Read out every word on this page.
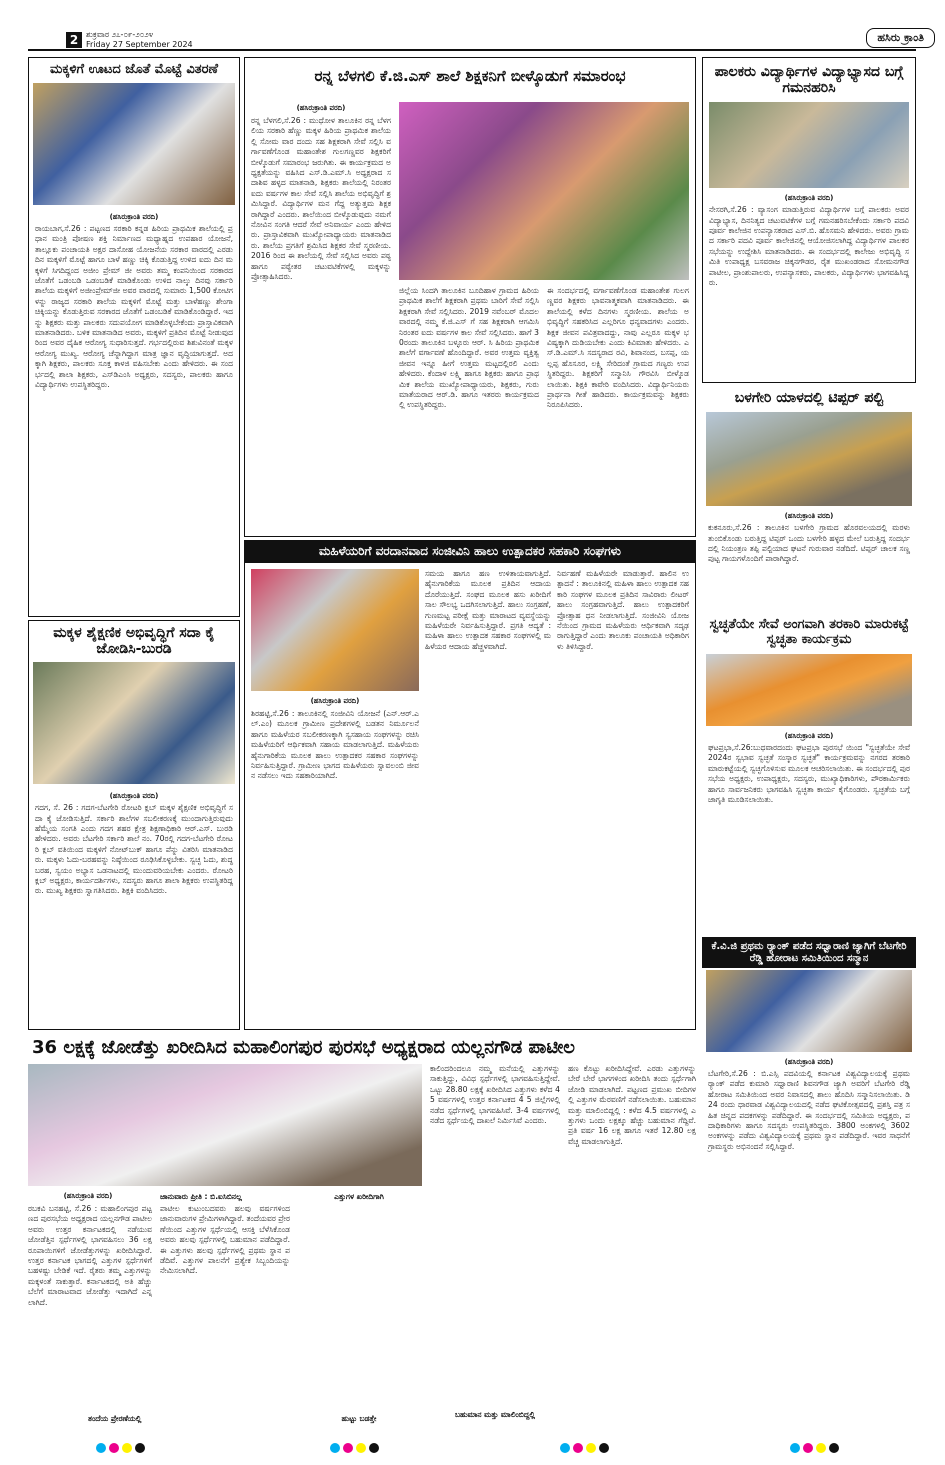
2 ಶುಕ್ರವಾರ ೨೭-೦೯-೨೦೨೪
Friday 27 September 2024
ಹಸಿರು ಕ್ರಾಂತಿ
ಮಕ್ಕಳಿಗೆ ಊಟದ ಜೊತೆ ಮೊಟ್ಟೆ ವಿತರಣೆ
(ಹಸಿರುಕ್ರಾಂತಿ ವರದಿ)
ರಾಯಬಾಗ,ಸೆ.26 : ಪಟ್ಟಣದ ಸರಕಾರಿ ಕನ್ನಡ ಹಿರಿಯ ಪ್ರಾಥಮಿಕ ಶಾಲೆಯಲ್ಲಿ ಪ್ರಧಾನ ಮಂತ್ರಿ ಪೋಷಣ ಶಕ್ತಿ ನಿರ್ಮಾಣದ ಮಧ್ಯಾಹ್ನದ ಉಪಹಾರ ಯೋಜನೆ, ತಾಲ್ಲೂಕು ಪಂಚಾಯತಿ ಅಕ್ಷರ ದಾಸೋಹ ಯೋಜನೆಯ ಸರಕಾರ ವಾರದಲ್ಲಿ ಎರಡು ದಿನ ಮಕ್ಕಳಿಗೆ ಮೊಟ್ಟೆ ಹಾಗೂ ಬಾಳೆ ಹಣ್ಣು ಚಿಕ್ಕಿ ಕೊಡುತ್ತಿದ್ದ ಉಳಿದ ಐದು ದಿನ ಮಕ್ಕಳಿಗೆ ಸಿಗದಿದ್ದಂದ ಅಜೀಂ ಪ್ರೇಮ್ ಜೀ ಅವರು ತಮ್ಮ ಕಂಪನಿಯಿಂದ ಸರಕಾರದ ಜೊತೆಗೆ ಒಡಂಬಡಿ ಒಡಂಬಡಿಕೆ ಮಾಡಿಕೊಂಡು ಉಳಿದ ನಾಲ್ಕು ದಿನವು ಸರ್ಕಾರಿ ಶಾಲೆಯ ಮಕ್ಕಳಿಗೆ ಅಜೀಂಪ್ರೇಮ್‌ಜೀ ಅವರ ವಾರದಲ್ಲಿ ಸುಮಾರು 1,500 ಕೋಟಿಗಳನ್ನು ರಾಜ್ಯದ ಸರಕಾರಿ ಶಾಲೆಯ ಮಕ್ಕಳಿಗೆ ಮೊಟ್ಟೆ ಮತ್ತು ಬಾಳೆಹಣ್ಣು ಶೇಂಗಾ ಚಿಕ್ಕಿಯನ್ನು ಕೊಡುತ್ತಿರುವ ಸರಕಾರದ ಜೊತೆಗೆ ಒಡಂಬಡಿಕೆ ಮಾಡಿಕೊಂಡಿದ್ದಾರೆ. ಇದನ್ನು ಶಿಕ್ಷಕರು ಮತ್ತು ಪಾಲಕರು ಸದುಪಯೋಗ ಮಾಡಿಕೊಳ್ಳಬೇಕೆಂದು ಪ್ರಾಸ್ತಾವಿಕವಾಗಿ ಮಾತನಾಡಿದರು. ಬಳಿಕ ಮಾತನಾಡಿದ ಅವರು, ಮಕ್ಕಳಿಗೆ ಪ್ರತಿದಿನ ಮೊಟ್ಟೆ ನೀಡುವುದರಿಂದ ಅವರ ದೈಹಿಕ ಆರೋಗ್ಯ ಸುಧಾರಿಸುತ್ತದೆ. ಗರ್ಭದಲ್ಲಿರುವ ಶಿಶುವಿನಂತೆ ಮಕ್ಕಳ ಆರೋಗ್ಯ ಮುಖ್ಯ. ಆರೋಗ್ಯ ಚೆನ್ನಾಗಿದ್ದಾಗ ಮಾತ್ರ ಜ್ಞಾನ ವೃದ್ಧಿಯಾಗುತ್ತದೆ. ಅದಕ್ಕಾಗಿ ಶಿಕ್ಷಕರು, ಪಾಲಕರು ಸೂಕ್ತ ಕಾಳಜಿ ವಹಿಸಬೇಕು ಎಂದು ಹೇಳಿದರು. ಈ ಸಂದರ್ಭದಲ್ಲಿ ಶಾಲಾ ಶಿಕ್ಷಕರು, ಎಸ್‌ಡಿಎಂಸಿ ಅಧ್ಯಕ್ಷರು, ಸದಸ್ಯರು, ಪಾಲಕರು ಹಾಗೂ ವಿದ್ಯಾರ್ಥಿಗಳು ಉಪಸ್ಥಿತರಿದ್ದರು.
ಮಕ್ಕಳ ಶೈಕ್ಷಣಿಕ ಅಭಿವೃದ್ಧಿಗೆ ಸದಾ ಕೈ ಜೋಡಿಸಿ-ಬುರಡಿ
(ಹಸಿರುಕ್ರಾಂತಿ ವರದಿ)
ಗದಗ, ಸೆ. 26 : ಗದಗ-ಬೆಟಗೇರಿ ರೋಟರಿ ಕ್ಲಬ್ ಮಕ್ಕಳ ಶೈಕ್ಷಣಿಕ ಅಭಿವೃದ್ಧಿಗೆ ಸದಾ ಕೈ ಜೋಡಿಸುತ್ತಿದೆ. ಸರ್ಕಾರಿ ಶಾಲೆಗಳ ಸಬಲೀಕರಣಕ್ಕೆ ಮುಂದಾಗುತ್ತಿರುವುದು ಹೆಮ್ಮೆಯ ಸಂಗತಿ ಎಂದು ಗದಗ ಶಹರ ಕ್ಷೇತ್ರ ಶಿಕ್ಷಣಾಧಿಕಾರಿ ಆರ್.ಎಸ್. ಬುರಡಿ ಹೇಳಿದರು. ಅವರು ಬೆಟಗೇರಿ ಸರ್ಕಾರಿ ಶಾಲೆ ನಂ. 70ರಲ್ಲಿ ಗದಗ-ಬೆಟಗೇರಿ ರೋಟರಿ ಕ್ಲಬ್ ವತಿಯಿಂದ ಮಕ್ಕಳಿಗೆ ನೋಟ್‌ಬುಕ್ ಹಾಗೂ ಪೆನ್ನು ವಿತರಿಸಿ ಮಾತನಾಡಿದರು. ಮಕ್ಕಳು ಓದು-ಬರಹವನ್ನು ನಿಷ್ಠೆಯಿಂದ ರೂಢಿಸಿಕೊಳ್ಳಬೇಕು. ಸ್ವಚ್ಛ ಓದು, ಶುದ್ಧ ಬರಹ, ಸ್ವಯಂ ಅಭ್ಯಾಸ ಒಡನಾಟದಲ್ಲಿ ಮುಂದುವರಿಯಬೇಕು ಎಂದರು. ರೋಟರಿ ಕ್ಲಬ್ ಅಧ್ಯಕ್ಷರು, ಕಾರ್ಯದರ್ಶಿಗಳು, ಸದಸ್ಯರು ಹಾಗೂ ಶಾಲಾ ಶಿಕ್ಷಕರು ಉಪಸ್ಥಿತರಿದ್ದರು. ಮುಖ್ಯ ಶಿಕ್ಷಕರು ಸ್ವಾಗತಿಸಿದರು. ಶಿಕ್ಷಕಿ ವಂದಿಸಿದರು.
ರನ್ನ ಬೆಳಗಲಿ ಕೆ.ಜಿ.ಎಸ್ ಶಾಲೆ ಶಿಕ್ಷಕನಿಗೆ ಬೀಳ್ಕೊಡುಗೆ ಸಮಾರಂಭ
(ಹಸಿರುಕ್ರಾಂತಿ ವರದಿ)
ರನ್ನ ಬೆಳಗಲಿ,ಸೆ.26 : ಮುಧೋಳ ತಾಲೂಕಿನ ರನ್ನ ಬೆಳಗಲಿಯ ಸರಕಾರಿ ಹೆಣ್ಣು ಮಕ್ಕಳ ಹಿರಿಯ ಪ್ರಾಥಮಿಕ ಶಾಲೆಯಲ್ಲಿ ಸೋಮ ವಾರ ದಂದು ಸಹ ಶಿಕ್ಷಕರಾಗಿ ಸೇವೆ ಸಲ್ಲಿಸಿ ವರ್ಗಾವಣೆಗೊಂಡ ಮಹಾಂತೇಶ ಗುಲಗಣ್ಣವರ ಶಿಕ್ಷಕರಿಗೆ ಬೀಳ್ಕೊಡುಗೆ ಸಮಾರಂಭ ಜರುಗಿತು. ಈ ಕಾರ್ಯಕ್ರಮದ ಅಧ್ಯಕ್ಷತೆಯನ್ನು ವಹಿಸಿದ ಎಸ್.ಡಿ.ಎಮ್.ಸಿ ಅಧ್ಯಕ್ಷರಾದ ಸದಾಶಿವ ಹಳ್ಳದ ಮಾತನಾಡಿ, ಶಿಕ್ಷಕರು ಶಾಲೆಯಲ್ಲಿ ನಿರಂತರ ಐದು ವರ್ಷಗಳ ಕಾಲ ಸೇವೆ ಸಲ್ಲಿಸಿ ಶಾಲೆಯ ಅಭಿವೃದ್ಧಿಗೆ ಶ್ರಮಿಸಿದ್ದಾರೆ. ವಿದ್ಯಾರ್ಥಿಗಳ ಮನ ಗೆದ್ದ ಅತ್ಯುತ್ತಮ ಶಿಕ್ಷಕರಾಗಿದ್ದಾರೆ ಎಂದರು. ಶಾಲೆಯಿಂದ ಬೀಳ್ಕೊಡುವುದು ನಮಗೆ ನೋವಿನ ಸಂಗತಿ ಆದರೆ ಸೇವೆ ಅನಿವಾರ್ಯ ಎಂದು ಹೇಳಿದರು. ಪ್ರಾಸ್ತಾವಿಕವಾಗಿ ಮುಖ್ಯೋಪಾಧ್ಯಾಯರು ಮಾತನಾಡಿದರು. ಶಾಲೆಯ ಪ್ರಗತಿಗೆ ಶ್ರಮಿಸಿದ ಶಿಕ್ಷಕರ ಸೇವೆ ಸ್ಮರಣೀಯ. 2016 ರಿಂದ ಈ ಶಾಲೆಯಲ್ಲಿ ಸೇವೆ ಸಲ್ಲಿಸಿದ ಅವರು ಪಠ್ಯ ಹಾಗೂ ಪಠ್ಯೇತರ ಚಟುವಟಿಕೆಗಳಲ್ಲಿ ಮಕ್ಕಳನ್ನು ಪ್ರೋತ್ಸಾಹಿಸಿದರು.
ಜಿಲ್ಲೆಯ ಸಿಂದಗಿ ತಾಲೂಕಿನ ಬೂದಿಹಾಳ ಗ್ರಾಮದ ಹಿರಿಯ ಪ್ರಾಥಮಿಕ ಶಾಲೆಗೆ ಶಿಕ್ಷಕರಾಗಿ ಪ್ರಥಮ ಬಾರಿಗೆ ಸೇವೆ ಸಲ್ಲಿಸಿ ಶಿಕ್ಷಕರಾಗಿ ಸೇವೆ ಸಲ್ಲಿಸಿದರು. 2019 ನವೆಂಬರ್ ಮೊದಲ ವಾರದಲ್ಲಿ ನಮ್ಮ ಕೆ.ಜಿ.ಎಸ್ ಗೆ ಸಹ ಶಿಕ್ಷಕರಾಗಿ ಆಗಮಿಸಿ ನಿರಂತರ ಐದು ವರ್ಷಗಳ ಕಾಲ ಸೇವೆ ಸಲ್ಲಿಸಿದರು. ಹಾಗೆ 30ರಂದು ತಾಲೂಕಿನ ಬಳ್ಳೂರು ಆರ್. ಸಿ ಹಿರಿಯ ಪ್ರಾಥಮಿಕ ಶಾಲೆಗೆ ವರ್ಗಾವಣೆ ಹೊಂದಿದ್ದಾರೆ. ಅವರ ಉತ್ತಮ ವ್ಯಕ್ತಿತ್ವ ಜೀವನ ಇನ್ನೂ ಹೀಗೆ ಉತ್ತಮ ಮಟ್ಟದಲ್ಲಿರಲಿ ಎಂದು ಹೇಳಿದರು. ಕೆಂದಾಳ ಲಕ್ಷ್ಮಿ ಹಾಗೂ ಶಿಕ್ಷಕರು ಹಾಗೂ ಪ್ರಾಥಮಿಕ ಶಾಲೆಯ ಮುಖ್ಯೋಪಾಧ್ಯಾಯರು, ಶಿಕ್ಷಕರು, ಗುರು ಮಾತೆಯರಾದ ಆರ್.ಡಿ. ಹಾಗೂ ಇತರರು ಕಾರ್ಯಕ್ರಮದಲ್ಲಿ ಉಪಸ್ಥಿತರಿದ್ದರು.
ಈ ಸಂದರ್ಭದಲ್ಲಿ ವರ್ಗಾವಣೆಗೊಂಡ ಮಹಾಂತೇಶ ಗುಲಗಣ್ಣವರ ಶಿಕ್ಷಕರು ಭಾವನಾತ್ಮಕವಾಗಿ ಮಾತನಾಡಿದರು. ಈ ಶಾಲೆಯಲ್ಲಿ ಕಳೆದ ದಿನಗಳು ಸ್ಮರಣೀಯ. ಶಾಲೆಯ ಅಭಿವೃದ್ಧಿಗೆ ಸಹಕರಿಸಿದ ಎಲ್ಲರಿಗೂ ಧನ್ಯವಾದಗಳು ಎಂದರು. ಶಿಕ್ಷಕ ಜೀವನ ಪವಿತ್ರವಾದದ್ದು, ನಾವು ಎಲ್ಲರೂ ಮಕ್ಕಳ ಭವಿಷ್ಯಕ್ಕಾಗಿ ದುಡಿಯಬೇಕು ಎಂದು ಕಿವಿಮಾತು ಹೇಳಿದರು. ಎಸ್.ಡಿ.ಎಮ್.ಸಿ ಸದಸ್ಯರಾದ ರವಿ, ಶಿವಾನಂದ, ಬಸಪ್ಪ, ಯಲ್ಲಪ್ಪ ಹೊಸೂರ, ಲಕ್ಷ್ಮಿ ಸೇರಿದಂತೆ ಗ್ರಾಮದ ಗಣ್ಯರು ಉಪಸ್ಥಿತರಿದ್ದರು. ಶಿಕ್ಷಕರಿಗೆ ಸನ್ಮಾನಿಸಿ ಗೌರವಿಸಿ ಬೀಳ್ಕೊಡಲಾಯಿತು. ಶಿಕ್ಷಕಿ ಕಾವೇರಿ ವಂದಿಸಿದರು. ವಿದ್ಯಾರ್ಥಿನಿಯರು ಪ್ರಾರ್ಥನಾ ಗೀತೆ ಹಾಡಿದರು. ಕಾರ್ಯಕ್ರಮವನ್ನು ಶಿಕ್ಷಕರು ನಿರೂಪಿಸಿದರು.
ಮಹಿಳೆಯರಿಗೆ ವರದಾನವಾದ ಸಂಜೀವಿನಿ ಹಾಲು ಉತ್ಪಾದಕರ ಸಹಕಾರಿ ಸಂಘಗಳು
(ಹಸಿರುಕ್ರಾಂತಿ ವರದಿ)
ಶಿರಹಟ್ಟಿ,ಸೆ.26 : ತಾಲೂಕಿನಲ್ಲಿ ಸಂಜೀವಿನಿ ಯೋಜನೆ (ಎನ್.ಆರ್.ಎಲ್.ಎಂ) ಮೂಲಕ ಗ್ರಾಮೀಣ ಪ್ರದೇಶಗಳಲ್ಲಿ ಬಡತನ ನಿರ್ಮೂಲನೆ ಹಾಗೂ ಮಹಿಳೆಯರ ಸಬಲೀಕರಣಕ್ಕಾಗಿ ಸ್ವಸಹಾಯ ಸಂಘಗಳನ್ನು ರಚಿಸಿ ಮಹಿಳೆಯರಿಗೆ ಆರ್ಥಿಕವಾಗಿ ಸಹಾಯ ಮಾಡಲಾಗುತ್ತಿದೆ. ಮಹಿಳೆಯರು ಹೈನುಗಾರಿಕೆಯ ಮೂಲಕ ಹಾಲು ಉತ್ಪಾದಕರ ಸಹಕಾರ ಸಂಘಗಳನ್ನು ನಿರ್ವಹಿಸುತ್ತಿದ್ದಾರೆ. ಗ್ರಾಮೀಣ ಭಾಗದ ಮಹಿಳೆಯರು ಸ್ವಾವಲಂಬಿ ಜೀವನ ನಡೆಸಲು ಇದು ಸಹಕಾರಿಯಾಗಿದೆ.
ಸಮಯ ಹಾಗೂ ಹಣ ಉಳಿತಾಯವಾಗುತ್ತಿದೆ. ಹೈನುಗಾರಿಕೆಯ ಮೂಲಕ ಪ್ರತಿದಿನ ಆದಾಯ ದೊರೆಯುತ್ತಿದೆ. ಸಂಘದ ಮೂಲಕ ಹಸು ಖರೀದಿಗೆ ಸಾಲ ಸೌಲಭ್ಯ ಒದಗಿಸಲಾಗುತ್ತಿದೆ. ಹಾಲು ಸಂಗ್ರಹಣೆ, ಗುಣಮಟ್ಟ ಪರೀಕ್ಷೆ ಮತ್ತು ಮಾರಾಟದ ವ್ಯವಸ್ಥೆಯನ್ನು ಮಹಿಳೆಯರೇ ನಿರ್ವಹಿಸುತ್ತಿದ್ದಾರೆ. ಪ್ರಗತಿ ಆದ್ಯತೆ : ಮಹಿಳಾ ಹಾಲು ಉತ್ಪಾದಕ ಸಹಕಾರ ಸಂಘಗಳಲ್ಲಿ ಮಹಿಳೆಯರ ಆದಾಯ ಹೆಚ್ಚಳವಾಗಿದೆ.
ನಿರ್ವಹಣೆ ಮಹಿಳೆಯರೇ ಮಾಡುತ್ತಾರೆ. ಹಾಲಿನ ಉತ್ಪಾದನೆ : ತಾಲೂಕಿನಲ್ಲಿ ಮಹಿಳಾ ಹಾಲು ಉತ್ಪಾದಕ ಸಹಕಾರಿ ಸಂಘಗಳ ಮೂಲಕ ಪ್ರತಿದಿನ ಸಾವಿರಾರು ಲೀಟರ್ ಹಾಲು ಸಂಗ್ರಹವಾಗುತ್ತಿದೆ. ಹಾಲು ಉತ್ಪಾದಕರಿಗೆ ಪ್ರೋತ್ಸಾಹ ಧನ ನೀಡಲಾಗುತ್ತಿದೆ. ಸಂಜೀವಿನಿ ಯೋಜನೆಯಿಂದ ಗ್ರಾಮದ ಮಹಿಳೆಯರು ಆರ್ಥಿಕವಾಗಿ ಸದೃಢರಾಗುತ್ತಿದ್ದಾರೆ ಎಂದು ತಾಲೂಕು ಪಂಚಾಯತಿ ಅಧಿಕಾರಿಗಳು ತಿಳಿಸಿದ್ದಾರೆ.
ಪಾಲಕರು ವಿದ್ಯಾರ್ಥಿಗಳ ವಿದ್ಯಾಭ್ಯಾಸದ ಬಗ್ಗೆ ಗಮನಹರಿಸಿ
(ಹಸಿರುಕ್ರಾಂತಿ ವರದಿ)
ನೇಸರಗಿ,ಸೆ.26 : ವ್ಯಾಸಂಗ ಮಾಡುತ್ತಿರುವ ವಿದ್ಯಾರ್ಥಿಗಳ ಬಗ್ಗೆ ಪಾಲಕರು ಅವರ ವಿದ್ಯಾಭ್ಯಾಸ, ದಿನನಿತ್ಯದ ಚಟುವಟಿಕೆಗಳ ಬಗ್ಗೆ ಗಮನಹರಿಸಬೇಕೆಂದು ಸರ್ಕಾರಿ ಪದವಿ ಪೂರ್ವ ಕಾಲೇಜಿನ ಉಪನ್ಯಾಸಕರಾದ ಎಸ್.ಬಿ. ಹೊಸಮನಿ ಹೇಳಿದರು. ಅವರು ಗ್ರಾಮದ ಸರ್ಕಾರಿ ಪದವಿ ಪೂರ್ವ ಕಾಲೇಜಿನಲ್ಲಿ ಆಯೋಜಿಸಲಾಗಿದ್ದ ವಿದ್ಯಾರ್ಥಿಗಳ ಪಾಲಕರ ಸಭೆಯನ್ನು ಉದ್ದೇಶಿಸಿ ಮಾತನಾಡಿದರು. ಈ ಸಂದರ್ಭದಲ್ಲಿ ಕಾಲೇಜು ಅಭಿವೃದ್ಧಿ ಸಮಿತಿ ಉಪಾಧ್ಯಕ್ಷ ಬಸವರಾಜ ಚಿಕ್ಕನಗೌಡರ, ರೈತ ಮುಖಂಡರಾದ ಸೋಮನಗೌಡ ಪಾಟೀಲ, ಪ್ರಾಂಶುಪಾಲರು, ಉಪನ್ಯಾಸಕರು, ಪಾಲಕರು, ವಿದ್ಯಾರ್ಥಿಗಳು ಭಾಗವಹಿಸಿದ್ದರು.
ಬಳಗೇರಿ ಯಾಳದಲ್ಲಿ ಟಿಪ್ಪರ್ ಪಲ್ಟಿ
(ಹಸಿರುಕ್ರಾಂತಿ ವರದಿ)
ಕುಕನೂರು,ಸೆ.26 : ತಾಲೂಕಿನ ಬಳಗೇರಿ ಗ್ರಾಮದ ಹೊರವಲಯದಲ್ಲಿ ಮರಳು ತುಂಬಿಕೊಂಡು ಬರುತ್ತಿದ್ದ ಟಿಪ್ಪರ್ ಒಂದು ಬಳಗೇರಿ ಹಳ್ಳದ ಮೇಲೆ ಬರುತ್ತಿದ್ದ ಸಂದರ್ಭದಲ್ಲಿ ನಿಯಂತ್ರಣ ತಪ್ಪಿ ಪಲ್ಟಿಯಾದ ಘಟನೆ ಗುರುವಾರ ನಡೆದಿದೆ. ಟಿಪ್ಪರ್ ಚಾಲಕ ಸಣ್ಣಪುಟ್ಟ ಗಾಯಗಳೊಂದಿಗೆ ಪಾರಾಗಿದ್ದಾರೆ.
ಸ್ವಚ್ಛತೆಯೇ ಸೇವೆ ಅಂಗವಾಗಿ ತರಕಾರಿ ಮಾರುಕಟ್ಟೆ ಸ್ವಚ್ಛತಾ ಕಾರ್ಯಕ್ರಮ
(ಹಸಿರುಕ್ರಾಂತಿ ವರದಿ)
ಘಟಪ್ರಭಾ,ಸೆ.26:ಬುಧವಾರದಂದು ಘಟಪ್ರಭಾ ಪುರಸಭೆ ಯಿಂದ "ಸ್ವಚ್ಛತೆಯೇ ಸೇವೆ 2024ರ ಸ್ವಭಾವ ಸ್ವಚ್ಛತೆ ಸಂಸ್ಕಾರ ಸ್ವಚ್ಛತೆ" ಕಾರ್ಯಕ್ರಮವನ್ನು ನಗರದ ತರಕಾರಿ ಮಾರುಕಟ್ಟೆಯಲ್ಲಿ ಸ್ವಚ್ಛಗೊಳಿಸುವ ಮೂಲಕ ಆಚರಿಸಲಾಯಿತು. ಈ ಸಂದರ್ಭದಲ್ಲಿ ಪುರಸಭೆಯ ಅಧ್ಯಕ್ಷರು, ಉಪಾಧ್ಯಕ್ಷರು, ಸದಸ್ಯರು, ಮುಖ್ಯಾಧಿಕಾರಿಗಳು, ಪೌರಕಾರ್ಮಿಕರು ಹಾಗೂ ಸಾರ್ವಜನಿಕರು ಭಾಗವಹಿಸಿ ಸ್ವಚ್ಛತಾ ಕಾರ್ಯ ಕೈಗೊಂಡರು. ಸ್ವಚ್ಛತೆಯ ಬಗ್ಗೆ ಜಾಗೃತಿ ಮೂಡಿಸಲಾಯಿತು.
ಕೆ.ವಿ.ಜಿ ಪ್ರಥಮ ರ್‍ಯಾಂಕ್ ಪಡೆದ ಸಧ್ವಾರಾಣಿ ಜ್ಯಾಗಿಗೆ ಬೆಟಗೇರಿ ರೆಡ್ಡಿ ಹೋರಾಟ ಸಮಿತಿಯಿಂದ ಸನ್ಮಾನ
(ಹಸಿರುಕ್ರಾಂತಿ ವರದಿ)
ಬೆಟಗೇರಿ,ಸೆ.26 : ಬಿ.ಎಸ್ಸಿ ಪದವಿಯಲ್ಲಿ ಕರ್ನಾಟಕ ವಿಶ್ವವಿದ್ಯಾಲಯಕ್ಕೆ ಪ್ರಥಮ ರ್‍ಯಾಂಕ್ ಪಡೆದ ಕುಮಾರಿ ಸಧ್ವಾರಾಣಿ ಶಿವನಗೌಡ ಜ್ಯಾಗಿ ಅವರಿಗೆ ಬೆಟಗೇರಿ ರೆಡ್ಡಿ ಹೋರಾಟ ಸಮಿತಿಯಿಂದ ಅವರ ನಿವಾಸದಲ್ಲಿ ಶಾಲು ಹೊದಿಸಿ ಸನ್ಮಾನಿಸಲಾಯಿತು. ಡಿ 24 ರಂದು ಧಾರವಾಡ ವಿಶ್ವವಿದ್ಯಾಲಯದಲ್ಲಿ ನಡೆದ ಘಟಿಕೋತ್ಸವದಲ್ಲಿ ಪ್ರಶಸ್ತಿ ಪತ್ರ ಸಹಿತ ಚಿನ್ನದ ಪದಕಗಳನ್ನು ಪಡೆದಿದ್ದಾರೆ. ಈ ಸಂದರ್ಭದಲ್ಲಿ ಸಮಿತಿಯ ಅಧ್ಯಕ್ಷರು, ಪದಾಧಿಕಾರಿಗಳು ಹಾಗೂ ಸದಸ್ಯರು ಉಪಸ್ಥಿತರಿದ್ದರು. 3800 ಅಂಕಗಳಲ್ಲಿ 3602 ಅಂಕಗಳನ್ನು ಪಡೆದು ವಿಶ್ವವಿದ್ಯಾಲಯಕ್ಕೆ ಪ್ರಥಮ ಸ್ಥಾನ ಪಡೆದಿದ್ದಾರೆ. ಇವರ ಸಾಧನೆಗೆ ಗ್ರಾಮಸ್ಥರು ಅಭಿನಂದನೆ ಸಲ್ಲಿಸಿದ್ದಾರೆ.
36 ಲಕ್ಷಕ್ಕೆ ಜೋಡೆತ್ತು ಖರೀದಿಸಿದ ಮಹಾಲಿಂಗಪುರ ಪುರಸಭೆ ಅಧ್ಯಕ್ಷರಾದ ಯಲ್ಲನಗೌಡ ಪಾಟೀಲ
(ಹಸಿರುಕ್ರಾಂತಿ ವರದಿ)
ರಬಕವಿ ಬನಹಟ್ಟಿ, ಸೆ.26 : ಮಹಾಲಿಂಗಪುರ ಪಟ್ಟಣದ ಪುರಸಭೆಯ ಅಧ್ಯಕ್ಷರಾದ ಯಲ್ಲನಗೌಡ ಪಾಟೀಲ ಅವರು ಉತ್ತರ ಕರ್ನಾಟಕದಲ್ಲಿ ನಡೆಯುವ ಜೋಡೆತ್ತಿನ ಸ್ಪರ್ಧೆಗಳಲ್ಲಿ ಭಾಗವಹಿಸಲು 36 ಲಕ್ಷ ರೂಪಾಯಿಗಳಿಗೆ ಜೋಡೆತ್ತುಗಳನ್ನು ಖರೀದಿಸಿದ್ದಾರೆ. ಉತ್ತರ ಕರ್ನಾಟಕ ಭಾಗದಲ್ಲಿ ಎತ್ತುಗಳ ಸ್ಪರ್ಧೆಗಳಿಗೆ ಬಹಳಷ್ಟು ಬೇಡಿಕೆ ಇದೆ. ರೈತರು ತಮ್ಮ ಎತ್ತುಗಳನ್ನು ಮಕ್ಕಳಂತೆ ಸಾಕುತ್ತಾರೆ. ಕರ್ನಾಟಕದಲ್ಲಿ ಅತಿ ಹೆಚ್ಚು ಬೆಲೆಗೆ ಮಾರಾಟವಾದ ಜೋಡೆತ್ತು ಇದಾಗಿದೆ ಎನ್ನಲಾಗಿದೆ.
ಜಾನುವಾರು ಪ್ರೀತಿ : ಬಿ.ಐಸಿಬಿನಲ್ಲ
ಪಾಟೀಲ ಕುಟುಂಬದವರು ಹಲವು ವರ್ಷಗಳಿಂದ ಜಾನುವಾರುಗಳ ಪ್ರೇಮಿಗಳಾಗಿದ್ದಾರೆ. ತಂದೆಯವರ ಪ್ರೇರಣೆಯಿಂದ ಎತ್ತುಗಳ ಸ್ಪರ್ಧೆಯಲ್ಲಿ ಆಸಕ್ತಿ ಬೆಳೆಸಿಕೊಂಡ ಅವರು ಹಲವು ಸ್ಪರ್ಧೆಗಳಲ್ಲಿ ಬಹುಮಾನ ಪಡೆದಿದ್ದಾರೆ. ಈ ಎತ್ತುಗಳು ಹಲವು ಸ್ಪರ್ಧೆಗಳಲ್ಲಿ ಪ್ರಥಮ ಸ್ಥಾನ ಪಡೆದಿವೆ. ಎತ್ತುಗಳ ಪಾಲನೆಗೆ ಪ್ರತ್ಯೇಕ ಸಿಬ್ಬಂದಿಯನ್ನು ನೇಮಿಸಲಾಗಿದೆ.
ಎತ್ತುಗಳ ಖರೀದಿಗಾಗಿ
ಕಾಲಿಂದರಿಂದಲೂ ನಮ್ಮ ಮನೆಯಲ್ಲಿ ಎತ್ತುಗಳನ್ನು ಸಾಕುತ್ತಿದ್ದು, ವಿವಿಧ ಸ್ಪರ್ಧೆಗಳಲ್ಲಿ ಭಾಗವಹಿಸುತ್ತಿದ್ದೇವೆ. ಒಟ್ಟು 28.80 ಲಕ್ಷಕ್ಕೆ ಖರೀದಿಸಿದ ಎತ್ತುಗಳು ಕಳೆದ 4 5 ವರ್ಷಗಳಲ್ಲಿ ಉತ್ತರ ಕರ್ನಾಟಕದ 4 5 ಜಿಲ್ಲೆಗಳಲ್ಲಿ ನಡೆದ ಸ್ಪರ್ಧೆಗಳಲ್ಲಿ ಭಾಗವಹಿಸಿವೆ. 3-4 ವರ್ಷಗಳಲ್ಲಿ ನಡೆದ ಸ್ಪರ್ಧೆಯಲ್ಲಿ ದಾಖಲೆ ನಿರ್ಮಿಸಿವೆ ಎಂದರು.
ಹಣ ಕೊಟ್ಟು ಖರೀದಿಸಿದ್ದೇವೆ. ಎರಡು ಎತ್ತುಗಳನ್ನು ಬೇರೆ ಬೇರೆ ಭಾಗಗಳಿಂದ ಖರೀದಿಸಿ ತಂದು ಸ್ಪರ್ಧೆಗಾಗಿ ಜೋಡಿ ಮಾಡಲಾಗಿದೆ. ಪಟ್ಟಣದ ಪ್ರಮುಖ ಬೀದಿಗಳಲ್ಲಿ ಎತ್ತುಗಳ ಮೆರವಣಿಗೆ ನಡೆಸಲಾಯಿತು. ಬಹುಮಾನ ಮತ್ತು ಮಾಲಿಂಬಿದ್ದಲ್ಲಿ : ಕಳೆದ 4.5 ವರ್ಷಗಳಲ್ಲಿ ಎತ್ತುಗಳು ಒಂದು ಲಕ್ಷಕ್ಕೂ ಹೆಚ್ಚು ಬಹುಮಾನ ಗೆದ್ದಿವೆ. ಪ್ರತಿ ವರ್ಷ 16 ಲಕ್ಷ ಹಾಗೂ ಇತರೆ 12.80 ಲಕ್ಷ ವೆಚ್ಚ ಮಾಡಲಾಗುತ್ತಿದೆ.
ಬಹುಮಾನ ಮತ್ತು ಮಾಲಿಂಬಿದ್ದಲ್ಲಿ
ತಂದೆಯ ಪ್ರೇರಣೆಯಲ್ಲಿ	ಹುಟ್ಟು ಬಡತ್ತೇ
